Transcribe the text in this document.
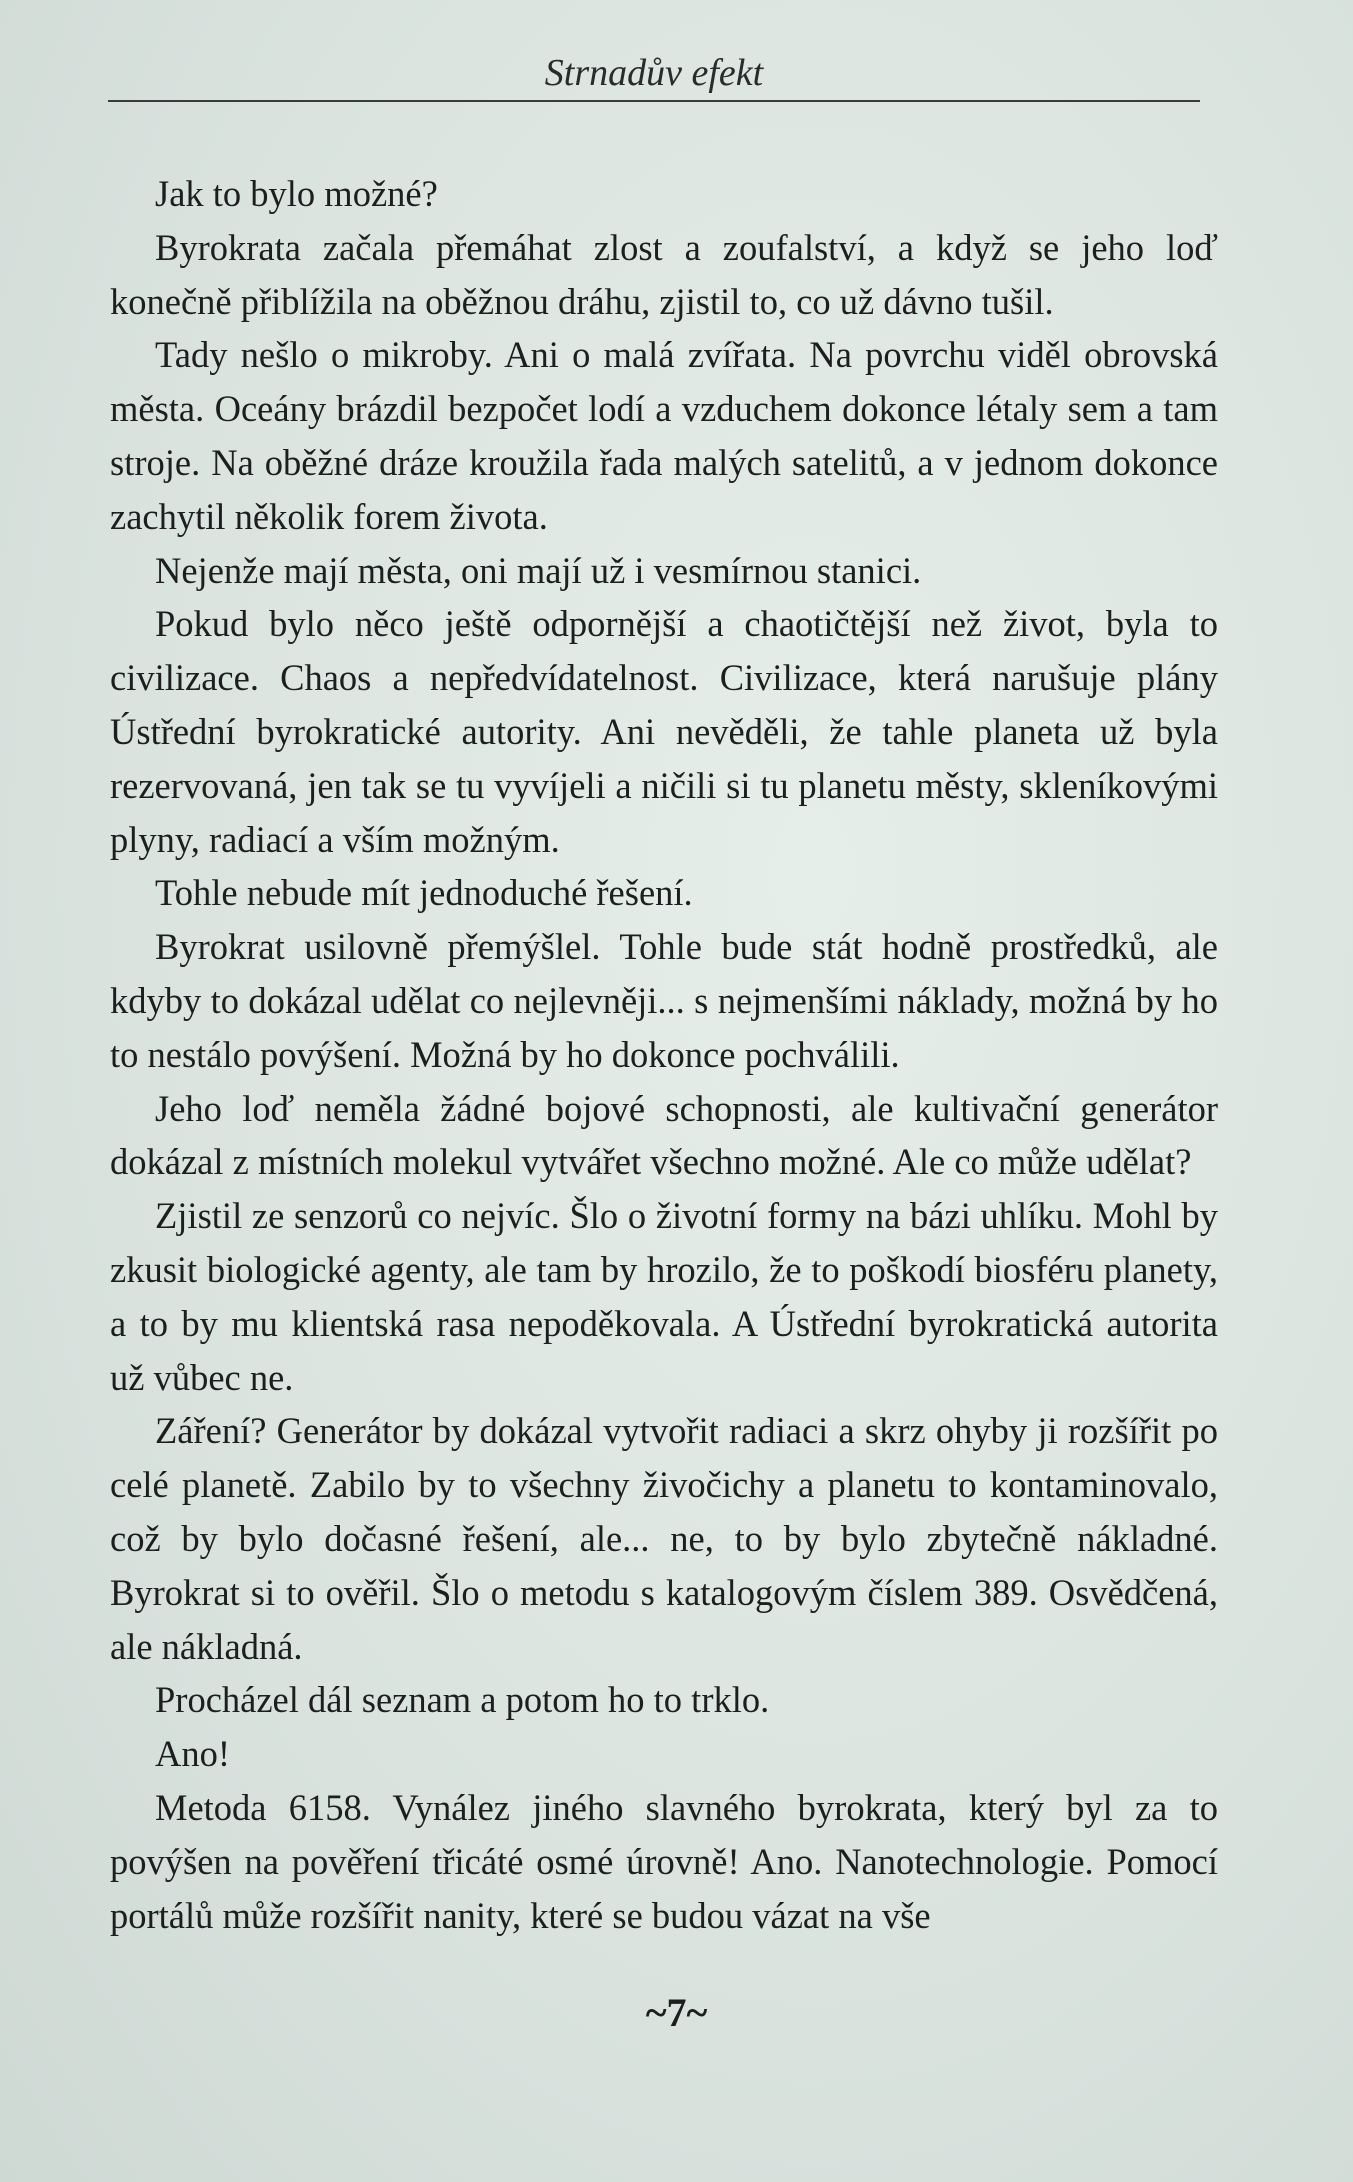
Strnadův efekt

Jak to bylo možné?

Byrokrata začala přemáhat zlost a zoufalství, a když se jeho loď konečně přiblížila na oběžnou dráhu, zjistil to, co už dávno tušil.

Tady nešlo o mikroby. Ani o malá zvířata. Na povrchu viděl obrovská města. Oceány brázdil bezpočet lodí a vzduchem dokonce létaly sem a tam stroje. Na oběžné dráze kroužila řada malých satelitů, a v jednom dokonce zachytil několik forem života.

Nejenže mají města, oni mají už i vesmírnou stanici.

Pokud bylo něco ještě odpornější a chaotičtější než život, byla to civilizace. Chaos a nepředvídatelnost. Civilizace, která narušuje plány Ústřední byrokratické autority. Ani nevěděli, že tahle planeta už byla rezervovaná, jen tak se tu vyvíjeli a ničili si tu planetu městy, skleníkovými plyny, radiací a vším možným.

Tohle nebude mít jednoduché řešení.

Byrokrat usilovně přemýšlel. Tohle bude stát hodně prostředků, ale kdyby to dokázal udělat co nejlevněji... s nejmenšími náklady, možná by ho to nestálo povýšení. Možná by ho dokonce pochválili.

Jeho loď neměla žádné bojové schopnosti, ale kultivační generátor dokázal z místních molekul vytvářet všechno možné. Ale co může udělat?

Zjistil ze senzorů co nejvíc. Šlo o životní formy na bázi uhlíku. Mohl by zkusit biologické agenty, ale tam by hrozilo, že to poškodí biosféru planety, a to by mu klientská rasa nepoděkovala. A Ústřední byrokratická autorita už vůbec ne.

Záření? Generátor by dokázal vytvořit radiaci a skrz ohyby ji rozšířit po celé planetě. Zabilo by to všechny živočichy a planetu to kontaminovalo, což by bylo dočasné řešení, ale... ne, to by bylo zbytečně nákladné. Byrokrat si to ověřil. Šlo o metodu s katalogovým číslem 389. Osvědčená, ale nákladná.

Procházel dál seznam a potom ho to trklo.

Ano!

Metoda 6158. Vynález jiného slavného byrokrata, který byl za to povýšen na pověření třicáté osmé úrovně! Ano. Nanotechnologie. Pomocí portálů může rozšířit nanity, které se budou vázat na vše

~7~
